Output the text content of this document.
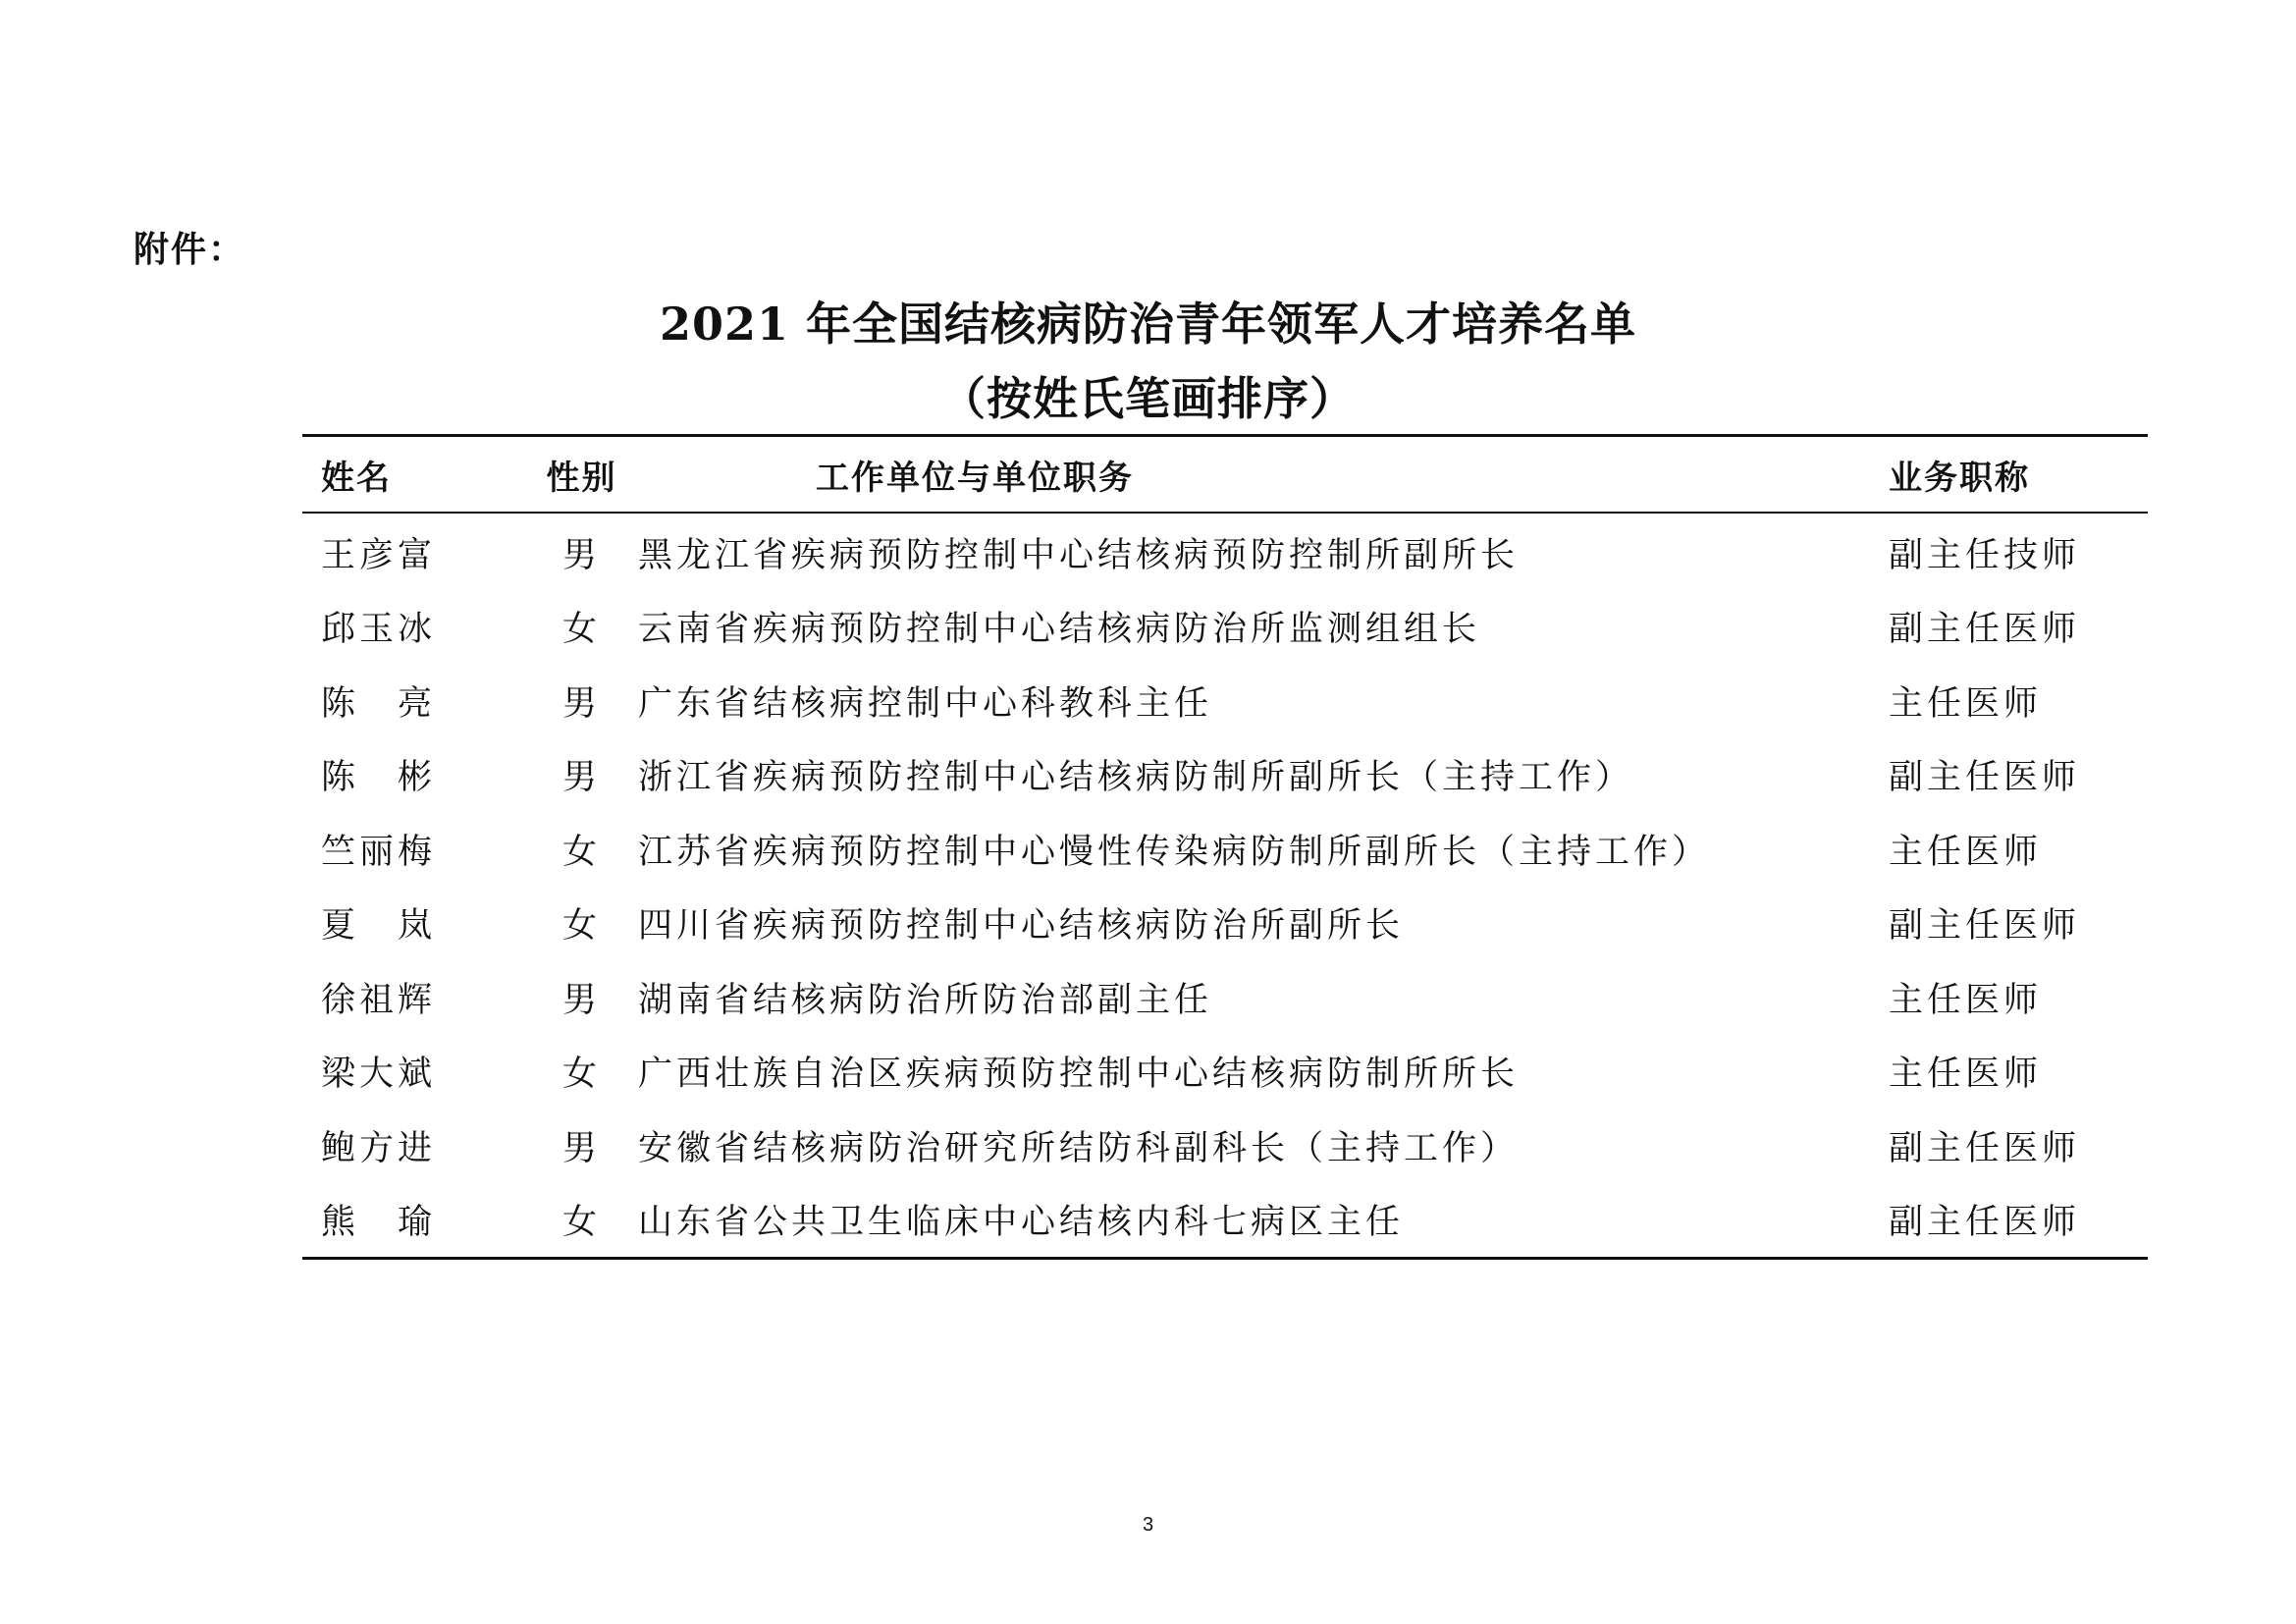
附件：
2021 年全国结核病防治青年领军人才培养名单
（按姓氏笔画排序）
姓名	性别	工作单位与单位职务	业务职称
王彦富	男	黑龙江省疾病预防控制中心结核病预防控制所副所长	副主任技师
邱玉冰	女	云南省疾病预防控制中心结核病防治所监测组组长	副主任医师
陈　亮	男	广东省结核病控制中心科教科主任	主任医师
陈　彬	男	浙江省疾病预防控制中心结核病防制所副所长（主持工作）	副主任医师
竺丽梅	女	江苏省疾病预防控制中心慢性传染病防制所副所长（主持工作）	主任医师
夏　岚	女	四川省疾病预防控制中心结核病防治所副所长	副主任医师
徐祖辉	男	湖南省结核病防治所防治部副主任	主任医师
梁大斌	女	广西壮族自治区疾病预防控制中心结核病防制所所长	主任医师
鲍方进	男	安徽省结核病防治研究所结防科副科长（主持工作）	副主任医师
熊　瑜	女	山东省公共卫生临床中心结核内科七病区主任	副主任医师
3
